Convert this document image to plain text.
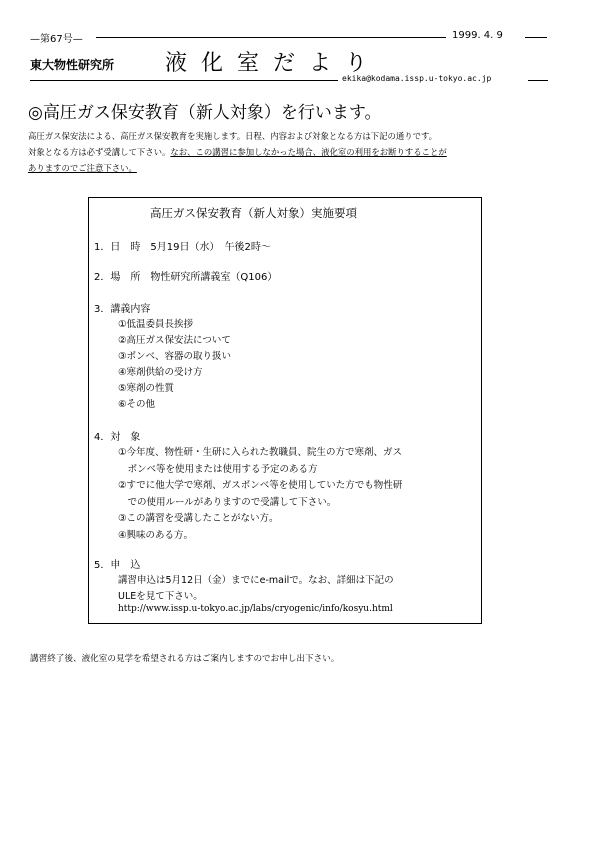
—第67号—	1999. 4. 9
東大物性研究所 液化室だより
ekika@kodama.issp.u-tokyo.ac.jp
◎高圧ガス保安教育（新人対象）を行います。
高圧ガス保安法による、高圧ガス保安教育を実施します。日程、内容および対象となる方は下記の通りです。
対象となる方は必ず受講して下さい。なお、この講習に参加しなかった場合、液化室の利用をお断りすることが
ありますのでご注意下さい。
高圧ガス保安教育（新人対象）実施要項
1．日　時　 5月19日（水）　午後2時～
2．場　所　 物性研究所講義室（Q106）
3．講義内容
①低温委員長挨拶
②高圧ガス保安法について
③ボンベ、容器の取り扱い
④寒剤供給の受け方
⑤寒剤の性質
⑥その他
4．対　象
①今年度、物性研・生研に入られた教職員、院生の方で寒剤、ガス
　ボンベ等を使用または使用する予定のある方
②すでに他大学で寒剤、ガスボンベ等を使用していた方でも物性研
　での使用ルールがありますので受講して下さい。
③この講習を受講したことがない方。
④興味のある方。
5．申　込
講習申込は5月12日（金）までにe-mailで。なお、詳細は下記の
ULEを見て下さい。
http://www.issp.u-tokyo.ac.jp/labs/cryogenic/info/kosyu.html
講習終了後、液化室の見学を希望される方はご案内しますのでお申し出下さい。
